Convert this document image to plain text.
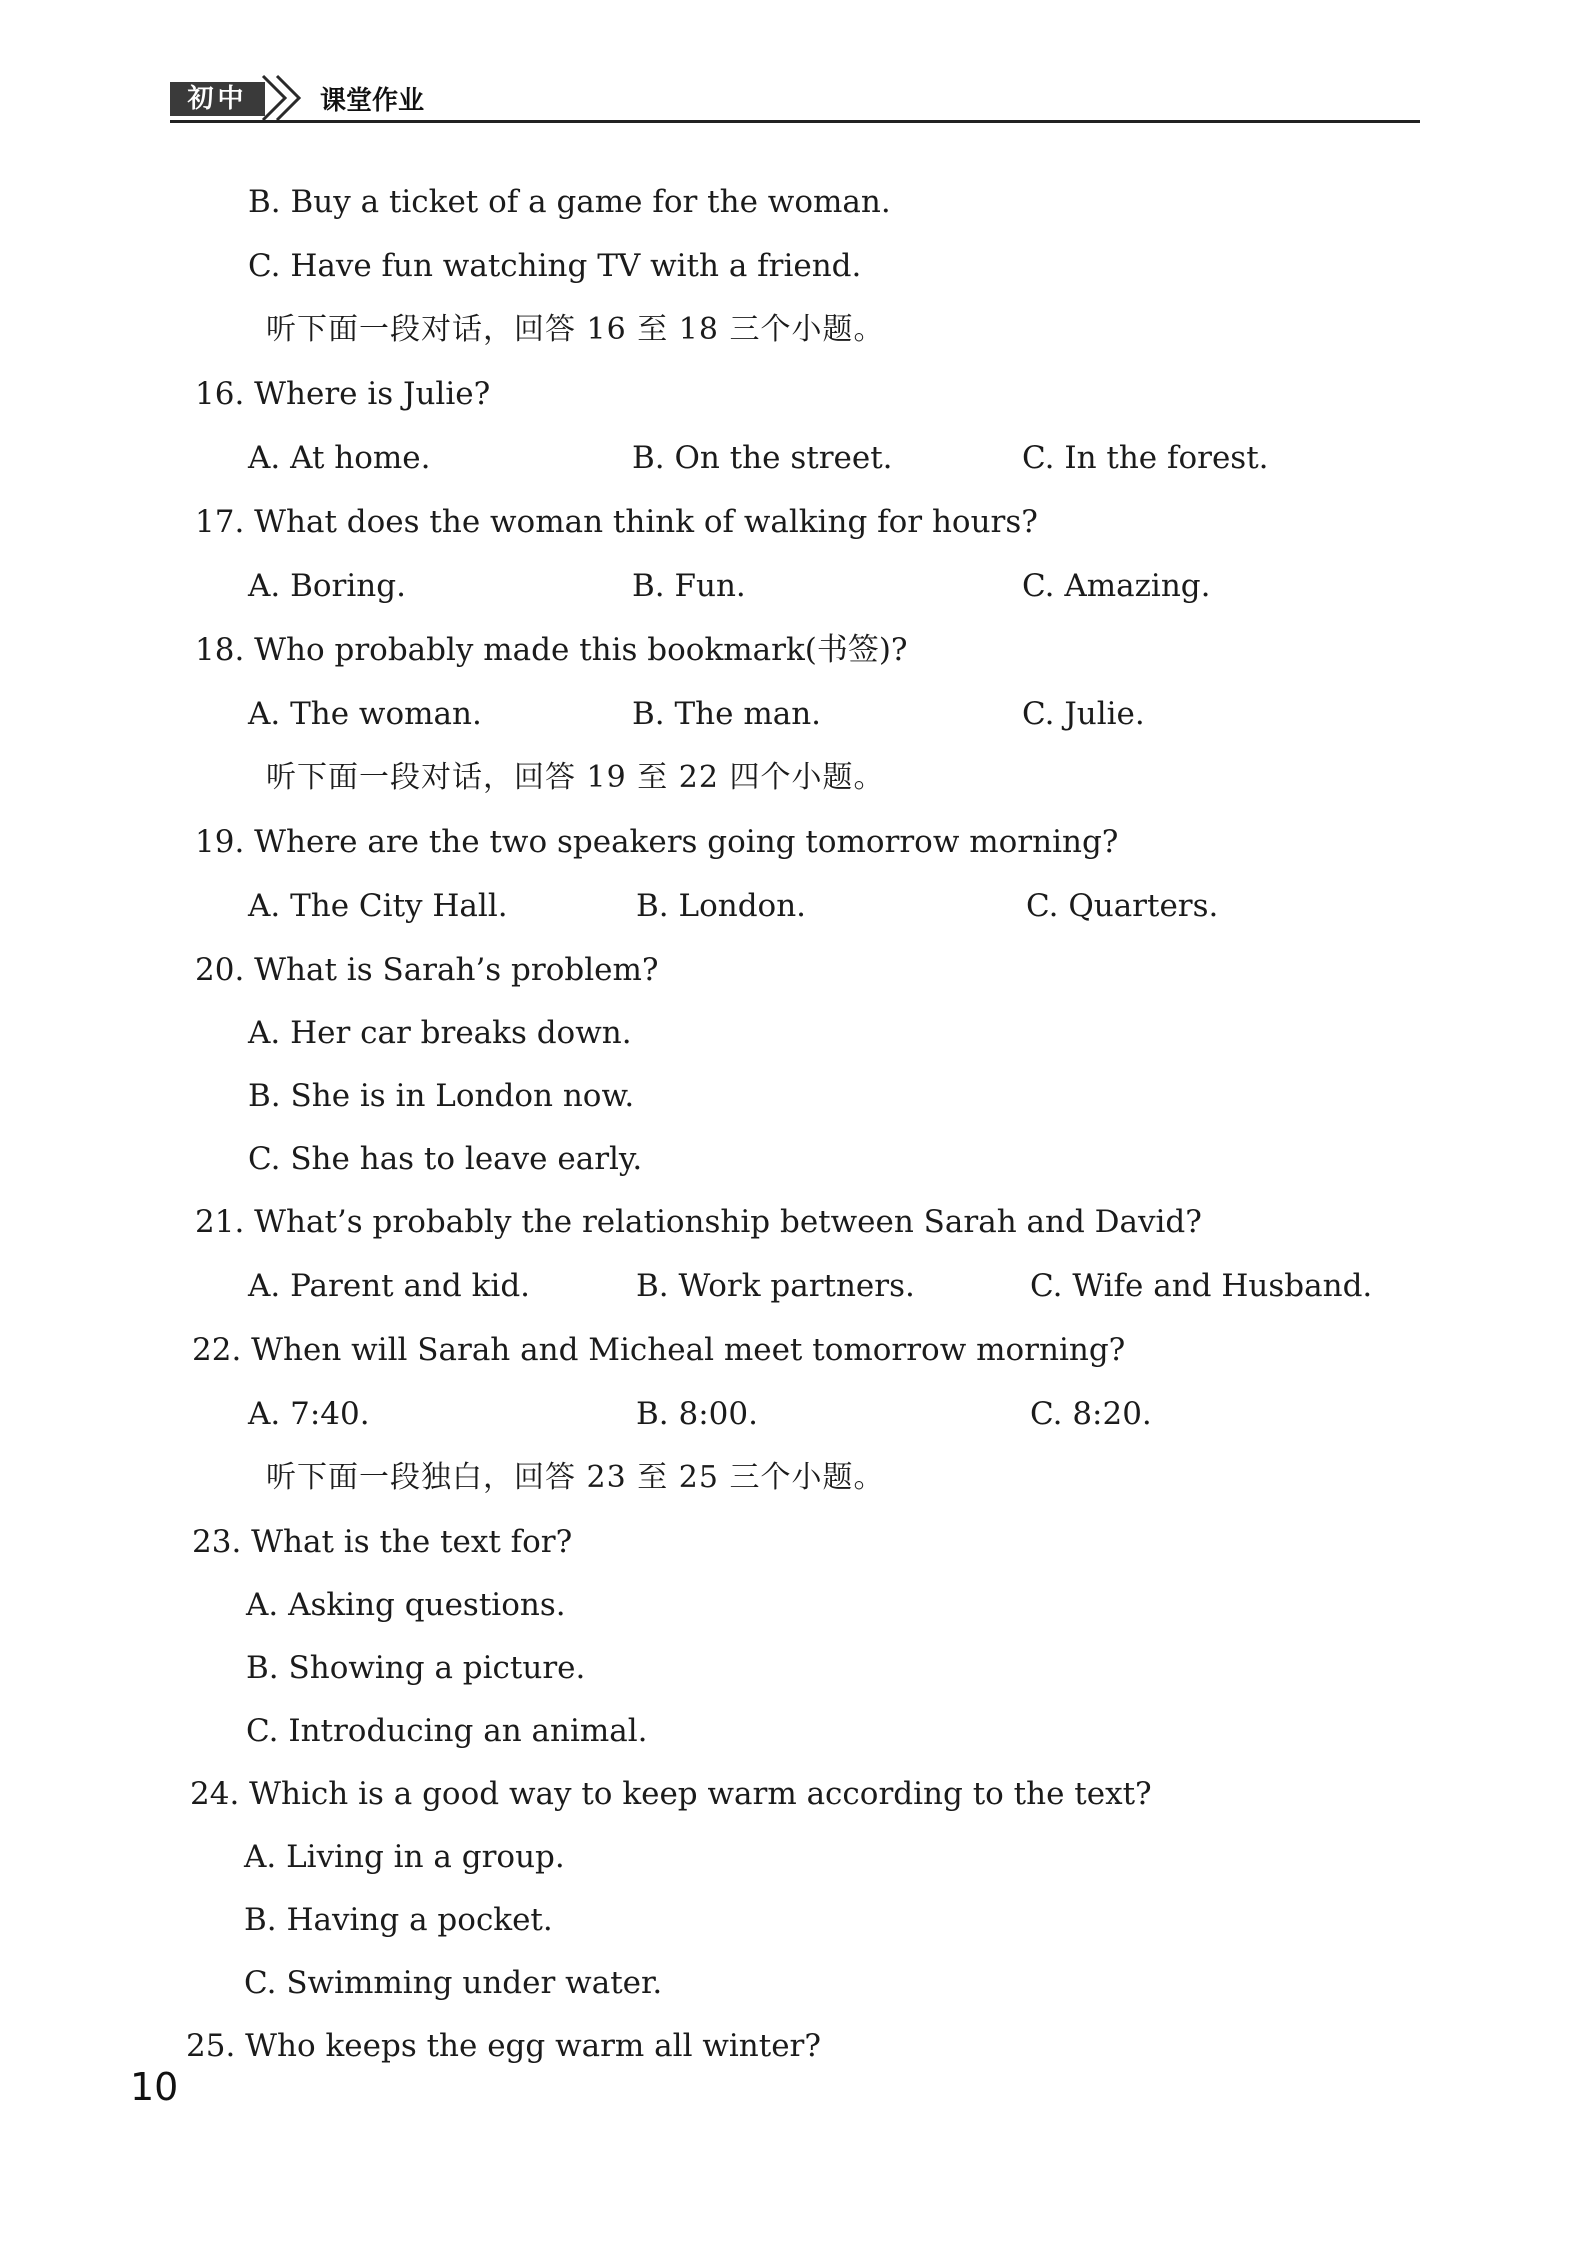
初中	课堂作业
B. Buy a ticket of a game for the woman.
C. Have fun watching TV with a friend.
听下面一段对话，回答 16 至 18 三个小题。
16. Where is Julie?
A. At home.	B. On the street.	C. In the forest.
17. What does the woman think of walking for hours?
A. Boring.	B. Fun.	C. Amazing.
18. Who probably made this bookmark(书签)?
A. The woman.	B. The man.	C. Julie.
听下面一段对话，回答 19 至 22 四个小题。
19. Where are the two speakers going tomorrow morning?
A. The City Hall.	B. London.	C. Quarters.
20. What is Sarah’s problem?
A. Her car breaks down.
B. She is in London now.
C. She has to leave early.
21. What’s probably the relationship between Sarah and David?
A. Parent and kid.	B. Work partners.	C. Wife and Husband.
22. When will Sarah and Micheal meet tomorrow morning?
A. 7:40.	B. 8:00.	C. 8:20.
听下面一段独白，回答 23 至 25 三个小题。
23. What is the text for?
A. Asking questions.
B. Showing a picture.
C. Introducing an animal.
24. Which is a good way to keep warm according to the text?
A. Living in a group.
B. Having a pocket.
C. Swimming under water.
25. Who keeps the egg warm all winter?
10
